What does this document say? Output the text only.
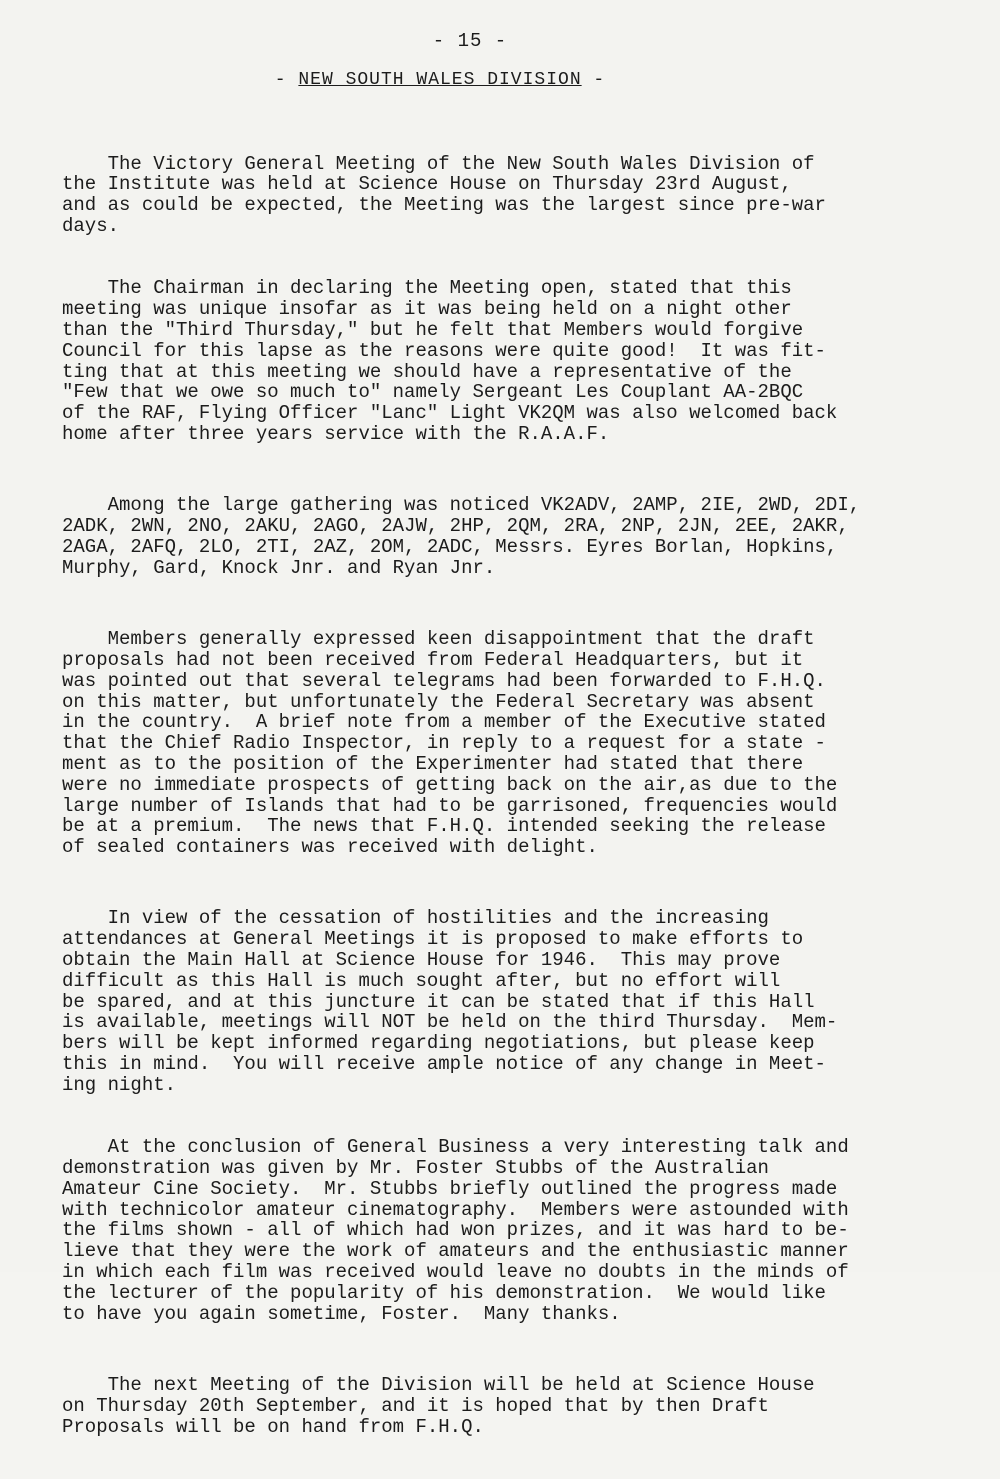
- 15 -
- NEW SOUTH WALES DIVISION -

The Victory General Meeting of the New South Wales Division of
the Institute was held at Science House on Thursday 23rd August,
and as could be expected, the Meeting was the largest since pre-war
days.

The Chairman in declaring the Meeting open, stated that this
meeting was unique insofar as it was being held on a night other
than the "Third Thursday," but he felt that Members would forgive
Council for this lapse as the reasons were quite good!  It was fit-
ting that at this meeting we should have a representative of the
"Few that we owe so much to" namely Sergeant Les Couplant AA-2BQC
of the RAF, Flying Officer "Lanc" Light VK2QM was also welcomed back
home after three years service with the R.A.A.F.

Among the large gathering was noticed VK2ADV, 2AMP, 2IE, 2WD, 2DI,
2ADK, 2WN, 2NO, 2AKU, 2AGO, 2AJW, 2HP, 2QM, 2RA, 2NP, 2JN, 2EE, 2AKR,
2AGA, 2AFQ, 2LO, 2TI, 2AZ, 2OM, 2ADC, Messrs. Eyres Borlan, Hopkins,
Murphy, Gard, Knock Jnr. and Ryan Jnr.

Members generally expressed keen disappointment that the draft
proposals had not been received from Federal Headquarters, but it
was pointed out that several telegrams had been forwarded to F.H.Q.
on this matter, but unfortunately the Federal Secretary was absent
in the country.  A brief note from a member of the Executive stated
that the Chief Radio Inspector, in reply to a request for a state -
ment as to the position of the Experimenter had stated that there
were no immediate prospects of getting back on the air,as due to the
large number of Islands that had to be garrisoned, frequencies would
be at a premium.  The news that F.H.Q. intended seeking the release
of sealed containers was received with delight.

In view of the cessation of hostilities and the increasing
attendances at General Meetings it is proposed to make efforts to
obtain the Main Hall at Science House for 1946.  This may prove
difficult as this Hall is much sought after, but no effort will
be spared, and at this juncture it can be stated that if this Hall
is available, meetings will NOT be held on the third Thursday.  Mem-
bers will be kept informed regarding negotiations, but please keep
this in mind.  You will receive ample notice of any change in Meet-
ing night.

At the conclusion of General Business a very interesting talk and
demonstration was given by Mr. Foster Stubbs of the Australian
Amateur Cine Society.  Mr. Stubbs briefly outlined the progress made
with technicolor amateur cinematography.  Members were astounded with
the films shown - all of which had won prizes, and it was hard to be-
lieve that they were the work of amateurs and the enthusiastic manner
in which each film was received would leave no doubts in the minds of
the lecturer of the popularity of his demonstration.  We would like
to have you again sometime, Foster.  Many thanks.

The next Meeting of the Division will be held at Science House
on Thursday 20th September, and it is hoped that by then Draft
Proposals will be on hand from F.H.Q.
